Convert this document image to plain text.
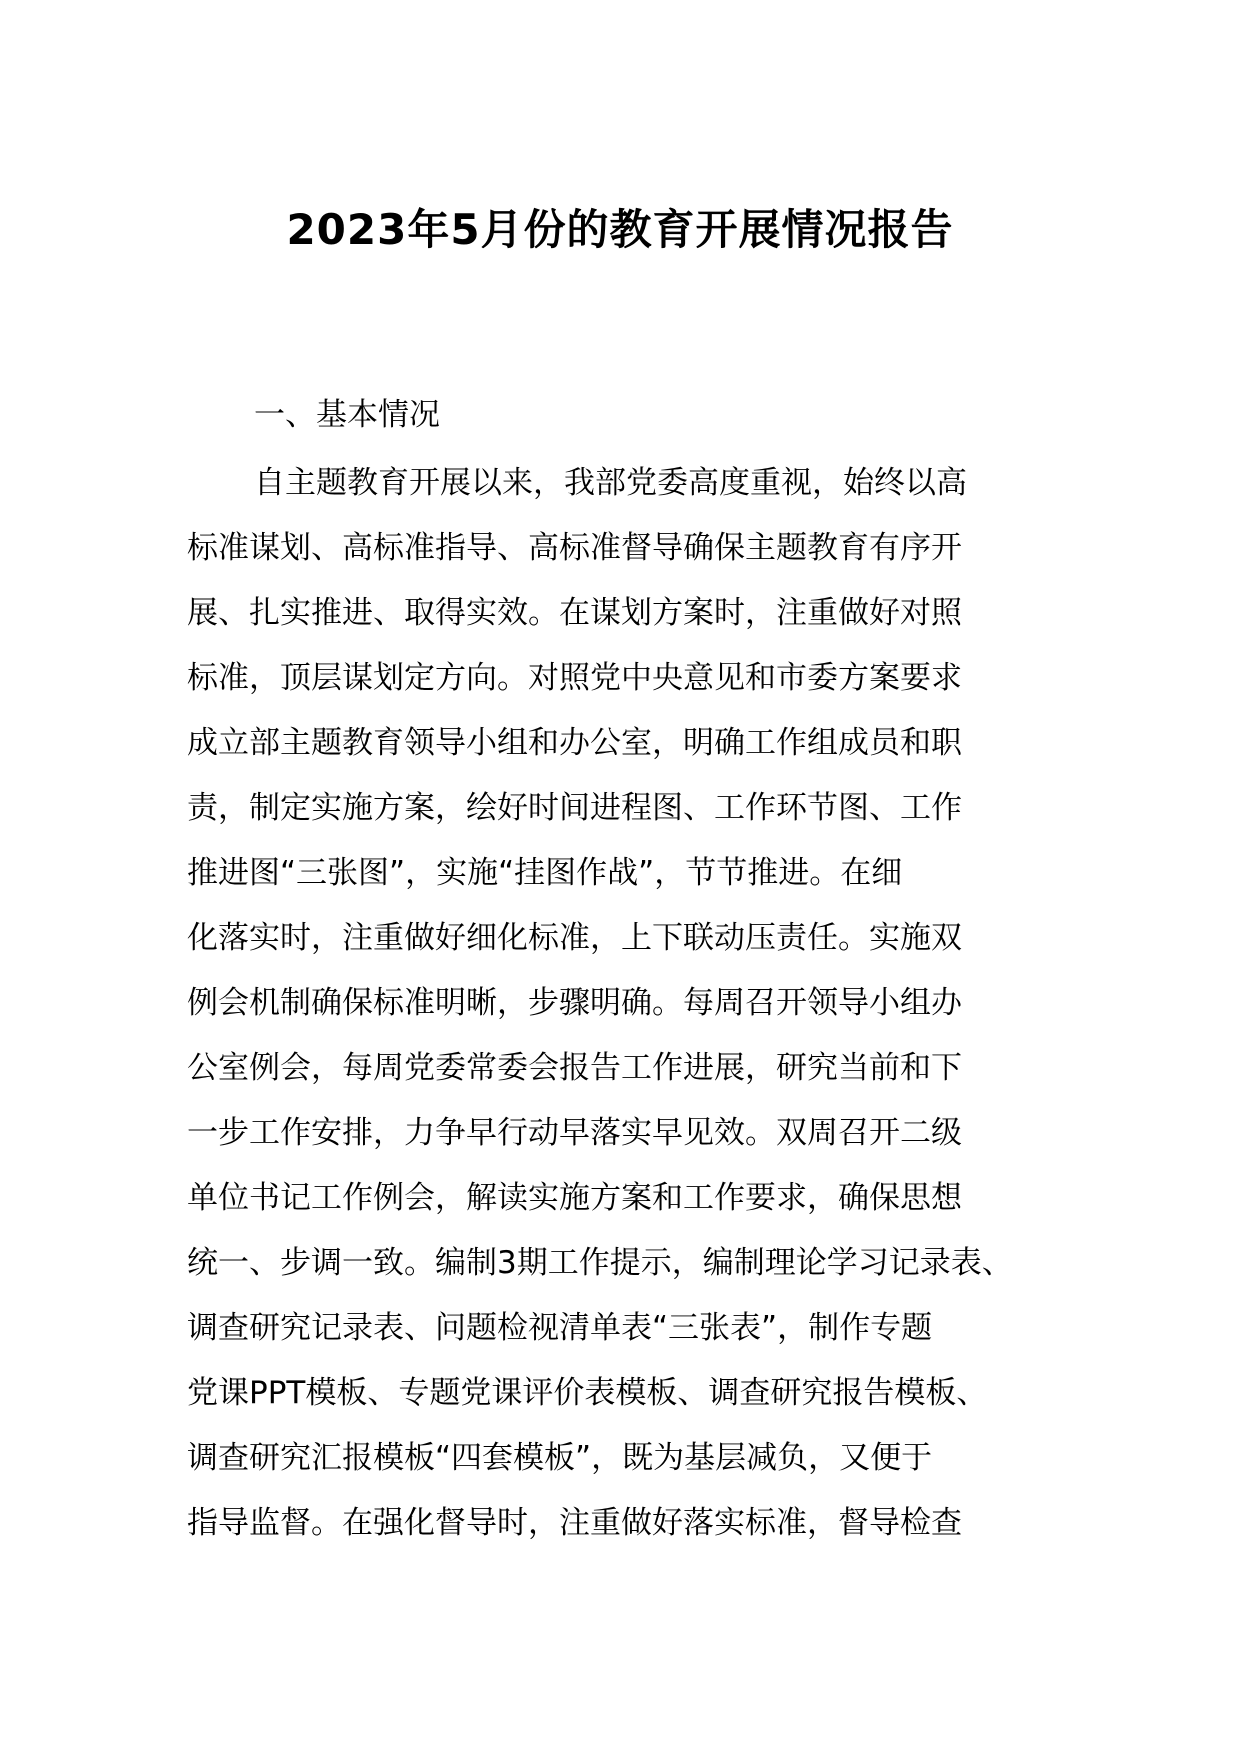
2023年5月份的教育开展情况报告
一、基本情况
自主题教育开展以来，我部党委高度重视，始终以高
标准谋划、高标准指导、高标准督导确保主题教育有序开
展、扎实推进、取得实效。在谋划方案时，注重做好对照
标准，顶层谋划定方向。对照党中央意见和市委方案要求
成立部主题教育领导小组和办公室，明确工作组成员和职
责，制定实施方案，绘好时间进程图、工作环节图、工作
推进图“三张图”，实施“挂图作战”，节节推进。在细
化落实时，注重做好细化标准，上下联动压责任。实施双
例会机制确保标准明晰，步骤明确。每周召开领导小组办
公室例会，每周党委常委会报告工作进展，研究当前和下
一步工作安排，力争早行动早落实早见效。双周召开二级
单位书记工作例会，解读实施方案和工作要求，确保思想
统一、步调一致。编制3期工作提示，编制理论学习记录表、
调查研究记录表、问题检视清单表“三张表”，制作专题
党课PPT模板、专题党课评价表模板、调查研究报告模板、
调查研究汇报模板“四套模板”，既为基层减负，又便于
指导监督。在强化督导时，注重做好落实标准，督导检查
